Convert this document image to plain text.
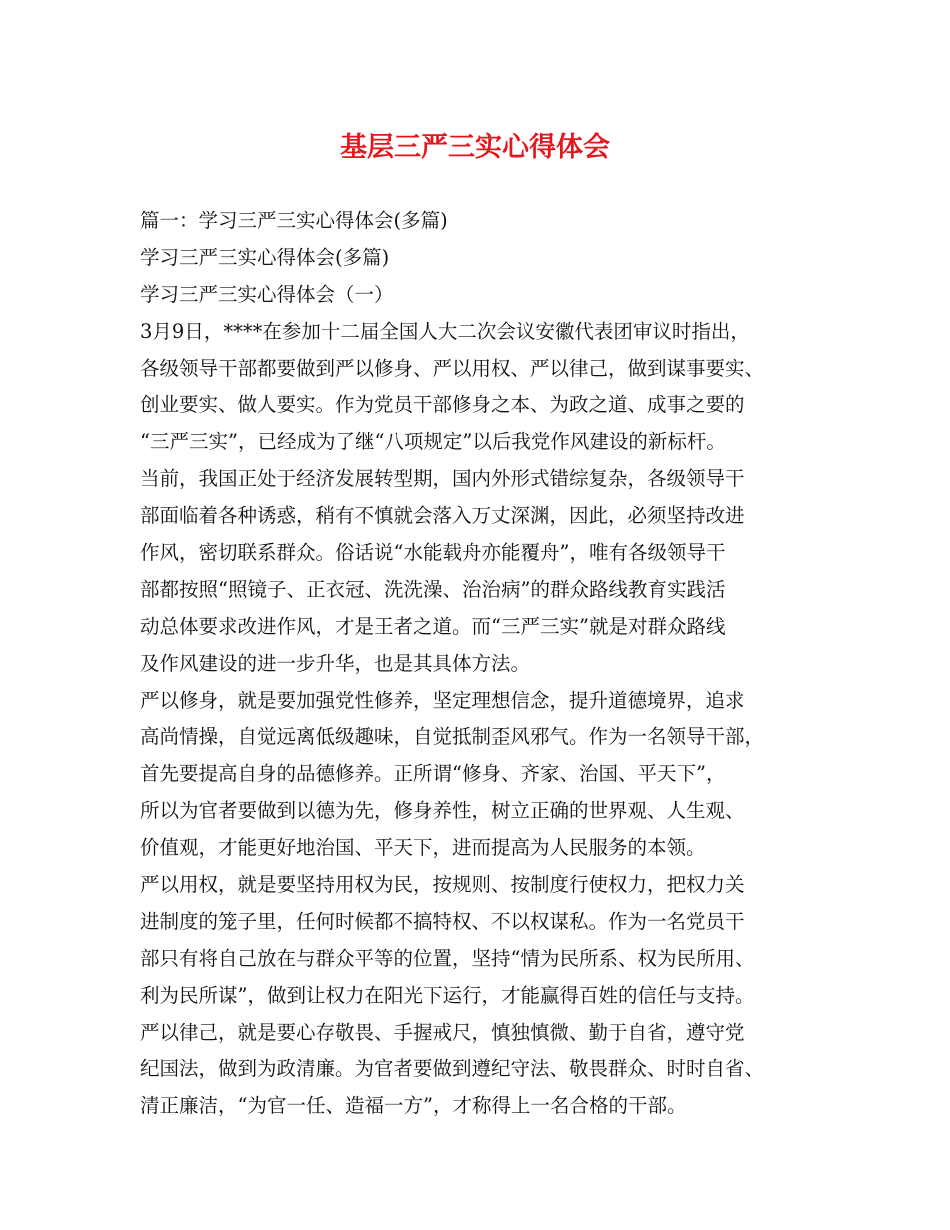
基层三严三实心得体会
篇一：学习三严三实心得体会(多篇)
学习三严三实心得体会(多篇)
学习三严三实心得体会（一）
3月9日，****在参加十二届全国人大二次会议安徽代表团审议时指出，
各级领导干部都要做到严以修身、严以用权、严以律己，做到谋事要实、
创业要实、做人要实。作为党员干部修身之本、为政之道、成事之要的
“三严三实”，已经成为了继“八项规定”以后我党作风建设的新标杆。
当前，我国正处于经济发展转型期，国内外形式错综复杂，各级领导干
部面临着各种诱惑，稍有不慎就会落入万丈深渊，因此，必须坚持改进
作风，密切联系群众。俗话说“水能载舟亦能覆舟”，唯有各级领导干
部都按照“照镜子、正衣冠、洗洗澡、治治病”的群众路线教育实践活
动总体要求改进作风，才是王者之道。而“三严三实”就是对群众路线
及作风建设的进一步升华，也是其具体方法。
严以修身，就是要加强党性修养，坚定理想信念，提升道德境界，追求
高尚情操，自觉远离低级趣味，自觉抵制歪风邪气。作为一名领导干部，
首先要提高自身的品德修养。正所谓“修身、齐家、治国、平天下”，
所以为官者要做到以德为先，修身养性，树立正确的世界观、人生观、
价值观，才能更好地治国、平天下，进而提高为人民服务的本领。
严以用权，就是要坚持用权为民，按规则、按制度行使权力，把权力关
进制度的笼子里，任何时候都不搞特权、不以权谋私。作为一名党员干
部只有将自己放在与群众平等的位置，坚持“情为民所系、权为民所用、
利为民所谋”，做到让权力在阳光下运行，才能赢得百姓的信任与支持。
严以律己，就是要心存敬畏、手握戒尺，慎独慎微、勤于自省，遵守党
纪国法，做到为政清廉。为官者要做到遵纪守法、敬畏群众、时时自省、
清正廉洁，“为官一任、造福一方”，才称得上一名合格的干部。
